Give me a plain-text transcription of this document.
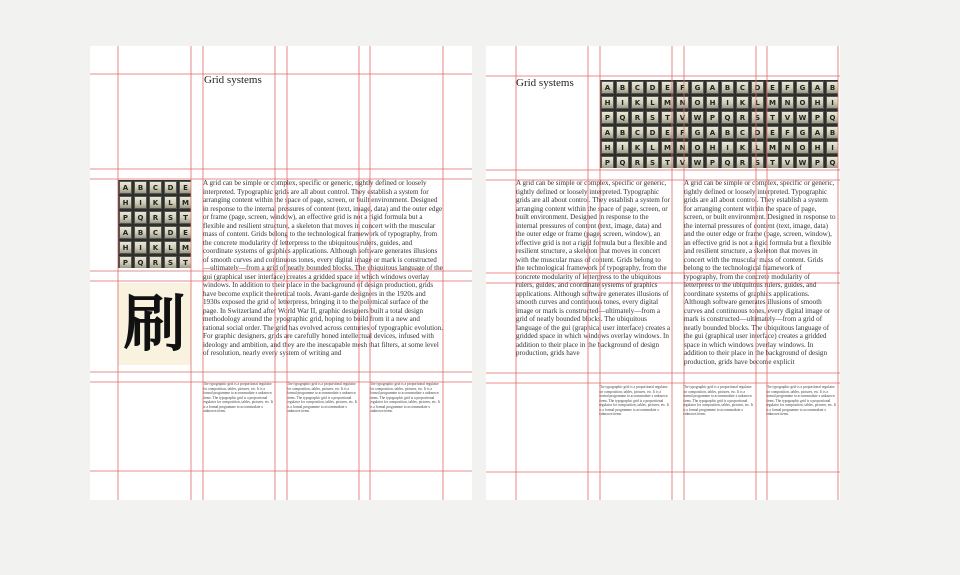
Grid systems
A	B	C	D	E
H	I	K	L	M
P	Q	R	S	T
A	B	C	D	E
H	I	K	L	M
P	Q	R	S	T
刷

A grid can be simple or complex, specific or generic, tightly defined or loosely interpreted. Typographic grids are all about control. They establish a system for arranging content within the space of page, screen, or built environment. Designed in response to the internal pressures of content (text, image, data) and the outer edge or frame (page, screen, window), an effective grid is not a rigid formula but a flexible and resilient structure, a skeleton that moves in concert with the muscular mass of content. Grids belong to the technological framework of typography, from the concrete modularity of letterpress to the ubiquitous rulers, guides, and coordinate systems of graphics applications. Although software generates illusions of smooth curves and continuous tones, every digital image or mark is constructed—ultimately—from a grid of neatly bounded blocks. The ubiquitous language of the gui (graphical user interface) creates a gridded space in which windows overlay windows. In addition to their place in the background of design production, grids have become explicit theoretical tools. Avant-garde designers in the 1920s and 1930s exposed the grid of letterpress, bringing it to the polemical surface of the page. In Switzerland after World War II, graphic designers built a total design methodology around the typographic grid, hoping to build from it a new and rational social order. The grid has evolved across centuries of typographic evolution. For graphic designers, grids are carefully honed intellectual devices, infused with ideology and ambition, and they are the inescapable mesh that filters, at some level of resolution, nearly every system of writing and

The typographic grid is a proportional regulator for composition, tables, pictures, etc. It is a formal programme to accommodate x unknown items. The typographic grid is a proportional regulator for composition, tables, pictures, etc. It is a formal programme to accommodate x unknown items.

The typographic grid is a proportional regulator for composition, tables, pictures, etc. It is a formal programme to accommodate x unknown items. The typographic grid is a proportional regulator for composition, tables, pictures, etc. It is a formal programme to accommodate x unknown items.

The typographic grid is a proportional regulator for composition, tables, pictures, etc. It is a formal programme to accommodate x unknown items. The typographic grid is a proportional regulator for composition, tables, pictures, etc. It is a formal programme to accommodate x unknown items.

Grid systems	A	B	C	D	E	F	G	A	B	C	D	E	F	G	A	B
H	I	K	L	M	N	O	H	I	K	L	M	N	O	H	I
P	Q	R	S	T	V	W	P	Q	R	S	T	V	W	P	Q
A	B	C	D	E	F	G	A	B	C	D	E	F	G	A	B
H	I	K	L	M	N	O	H	I	K	L	M	N	O	H	I
P	Q	R	S	T	V	W	P	Q	R	S	T	V	W	P	Q

A grid can be simple or complex, specific or generic, tightly defined or loosely interpreted. Typographic grids are all about control. They establish a system for arranging content within the space of page, screen, or built environment. Designed in response to the internal pressures of content (text, image, data) and the outer edge or frame (page, screen, window), an effective grid is not a rigid formula but a flexible and resilient structure, a skeleton that moves in concert with the muscular mass of content. Grids belong to the technological framework of typography, from the concrete modularity of letterpress to the ubiquitous rulers, guides, and coordinate systems of graphics applications. Although software generates illusions of smooth curves and continuous tones, every digital image or mark is constructed—ultimately—from a grid of neatly bounded blocks. The ubiquitous language of the gui (graphical user interface) creates a gridded space in which windows overlay windows. In addition to their place in the background of design production, grids have

A grid can be simple or complex, specific or generic, tightly defined or loosely interpreted. Typographic grids are all about control. They establish a system for arranging content within the space of page, screen, or built environment. Designed in response to the internal pressures of content (text, image, data) and the outer edge or frame (page, screen, window), an effective grid is not a rigid formula but a flexible and resilient structure, a skeleton that moves in concert with the muscular mass of content. Grids belong to the technological framework of typography, from the concrete modularity of letterpress to the ubiquitous rulers, guides, and coordinate systems of graphics applications. Although software generates illusions of smooth curves and continuous tones, every digital image or mark is constructed—ultimately—from a grid of neatly bounded blocks. The ubiquitous language of the gui (graphical user interface) creates a gridded space in which windows overlay windows. In addition to their place in the background of design production, grids have become explicit

The typographic grid is a proportional regulator for composition, tables, pictures, etc. It is a formal programme to accommodate x unknown items. The typographic grid is a proportional regulator for composition, tables, pictures, etc. It is a formal programme to accommodate x unknown items.

The typographic grid is a proportional regulator for composition, tables, pictures, etc. It is a formal programme to accommodate x unknown items. The typographic grid is a proportional regulator for composition, tables, pictures, etc. It is a formal programme to accommodate x unknown items.

The typographic grid is a proportional regulator for composition, tables, pictures, etc. It is a formal programme to accommodate x unknown items. The typographic grid is a proportional regulator for composition, tables, pictures, etc. It is a formal programme to accommodate x unknown items.
